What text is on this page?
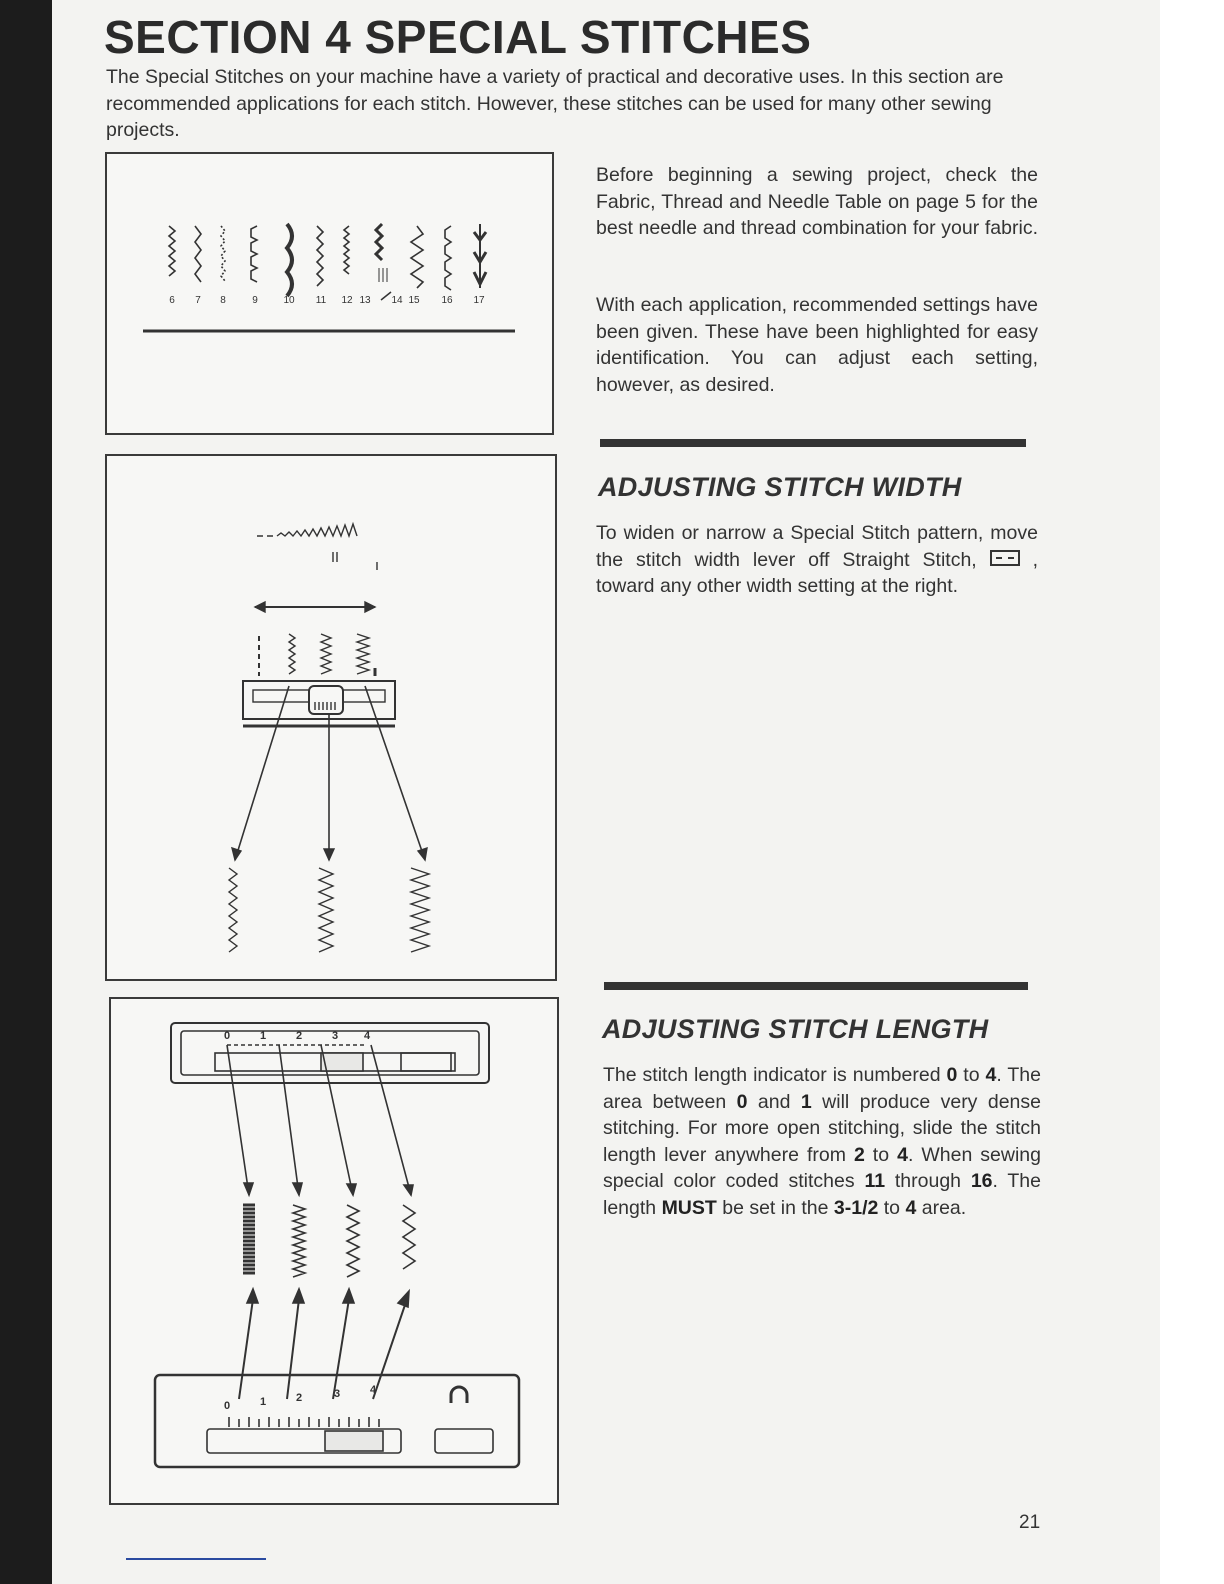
SECTION 4 SPECIAL STITCHES
The Special Stitches on your machine have a variety of practical and decorative uses. In this section are recommended applications for each stitch. However, these stitches can be used for many other sewing projects.
6 7 8	9	10 11 12 13 14 15 16 17
0	1	2	3 4
0	1	2	3	4
Before beginning a sewing project, check the Fabric, Thread and Needle Table on page 5 for the best needle and thread combination for your fabric.
With each application, recommended settings have been given. These have been highlighted for easy identification. You can adjust each setting, however, as desired.
ADJUSTING STITCH WIDTH
To widen or narrow a Special Stitch pattern, move the stitch width lever off Straight Stitch,	, toward any other width setting at the right.
ADJUSTING STITCH LENGTH
The stitch length indicator is numbered 0 to 4. The area between 0 and 1 will produce very dense stitching. For more open stitching, slide the stitch length lever anywhere from 2 to 4. When sewing special color coded stitches 11 through 16. The length MUST be set in the 3-1/2 to 4 area.
21
